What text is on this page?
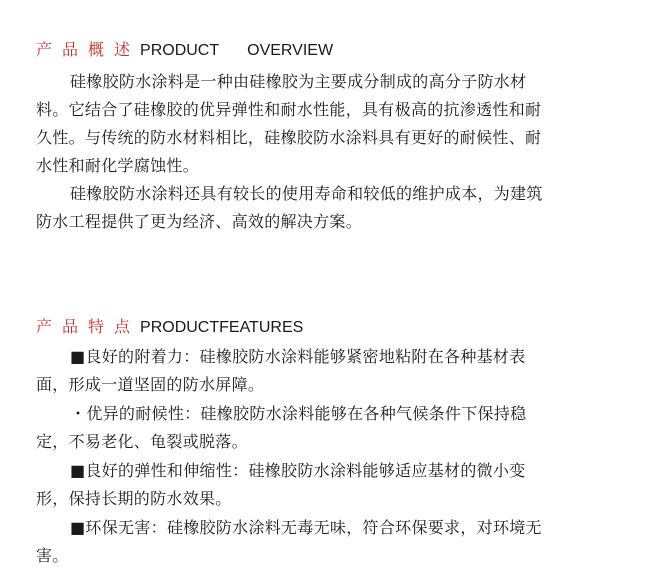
产品概述PRODUCT OVERVIEW

硅橡胶防水涂料是一种由硅橡胶为主要成分制成的高分子防水材料。它结合了硅橡胶的优异弹性和耐水性能，具有极高的抗渗透性和耐久性。与传统的防水材料相比，硅橡胶防水涂料具有更好的耐候性、耐水性和耐化学腐蚀性。

硅橡胶防水涂料还具有较长的使用寿命和较低的维护成本，为建筑防水工程提供了更为经济、高效的解决方案。

产品特点PRODUCTFEATURES

■良好的附着力：硅橡胶防水涂料能够紧密地粘附在各种基材表面，形成一道坚固的防水屏障。

・优异的耐候性：硅橡胶防水涂料能够在各种气候条件下保持稳定，不易老化、龟裂或脱落。

■良好的弹性和伸缩性：硅橡胶防水涂料能够适应基材的微小变形，保持长期的防水效果。

■环保无害：硅橡胶防水涂料无毒无味，符合环保要求，对环境无害。
